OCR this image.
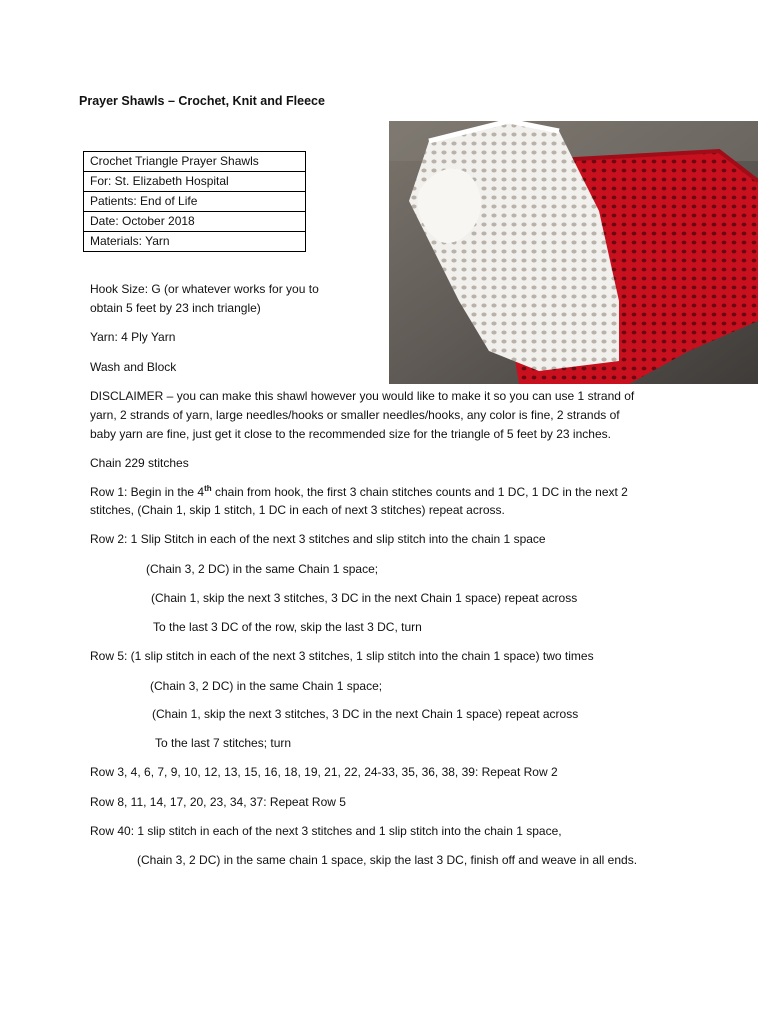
Prayer Shawls – Crochet, Knit and Fleece
Crochet Triangle Prayer Shawls
For: St. Elizabeth Hospital
Patients: End of Life
Date: October 2018
Materials: Yarn
Hook Size: G (or whatever works for you to
obtain 5 feet by 23 inch triangle)
Yarn: 4 Ply Yarn
Wash and Block
DISCLAIMER – you can make this shawl however you would like to make it so you can use 1 strand of
yarn, 2 strands of yarn, large needles/hooks or smaller needles/hooks, any color is fine, 2 strands of
baby yarn are fine, just get it close to the recommended size for the triangle of 5 feet by 23 inches.
Chain 229 stitches
Row 1: Begin in the 4th chain from hook, the first 3 chain stitches counts and 1 DC, 1 DC in the next 2
stitches, (Chain 1, skip 1 stitch, 1 DC in each of next 3 stitches) repeat across.
Row 2: 1 Slip Stitch in each of the next 3 stitches and slip stitch into the chain 1 space
(Chain 3, 2 DC) in the same Chain 1 space;
(Chain 1, skip the next 3 stitches, 3 DC in the next Chain 1 space) repeat across
To the last 3 DC of the row, skip the last 3 DC, turn
Row 5: (1 slip stitch in each of the next 3 stitches, 1 slip stitch into the chain 1 space) two times
(Chain 3, 2 DC) in the same Chain 1 space;
(Chain 1, skip the next 3 stitches, 3 DC in the next Chain 1 space) repeat across
To the last 7 stitches; turn
Row 3, 4, 6, 7, 9, 10, 12, 13, 15, 16, 18, 19, 21, 22, 24-33, 35, 36, 38, 39: Repeat Row 2
Row 8, 11, 14, 17, 20, 23, 34, 37: Repeat Row 5
Row 40: 1 slip stitch in each of the next 3 stitches and 1 slip stitch into the chain 1 space,
(Chain 3, 2 DC) in the same chain 1 space, skip the last 3 DC, finish off and weave in all ends.
